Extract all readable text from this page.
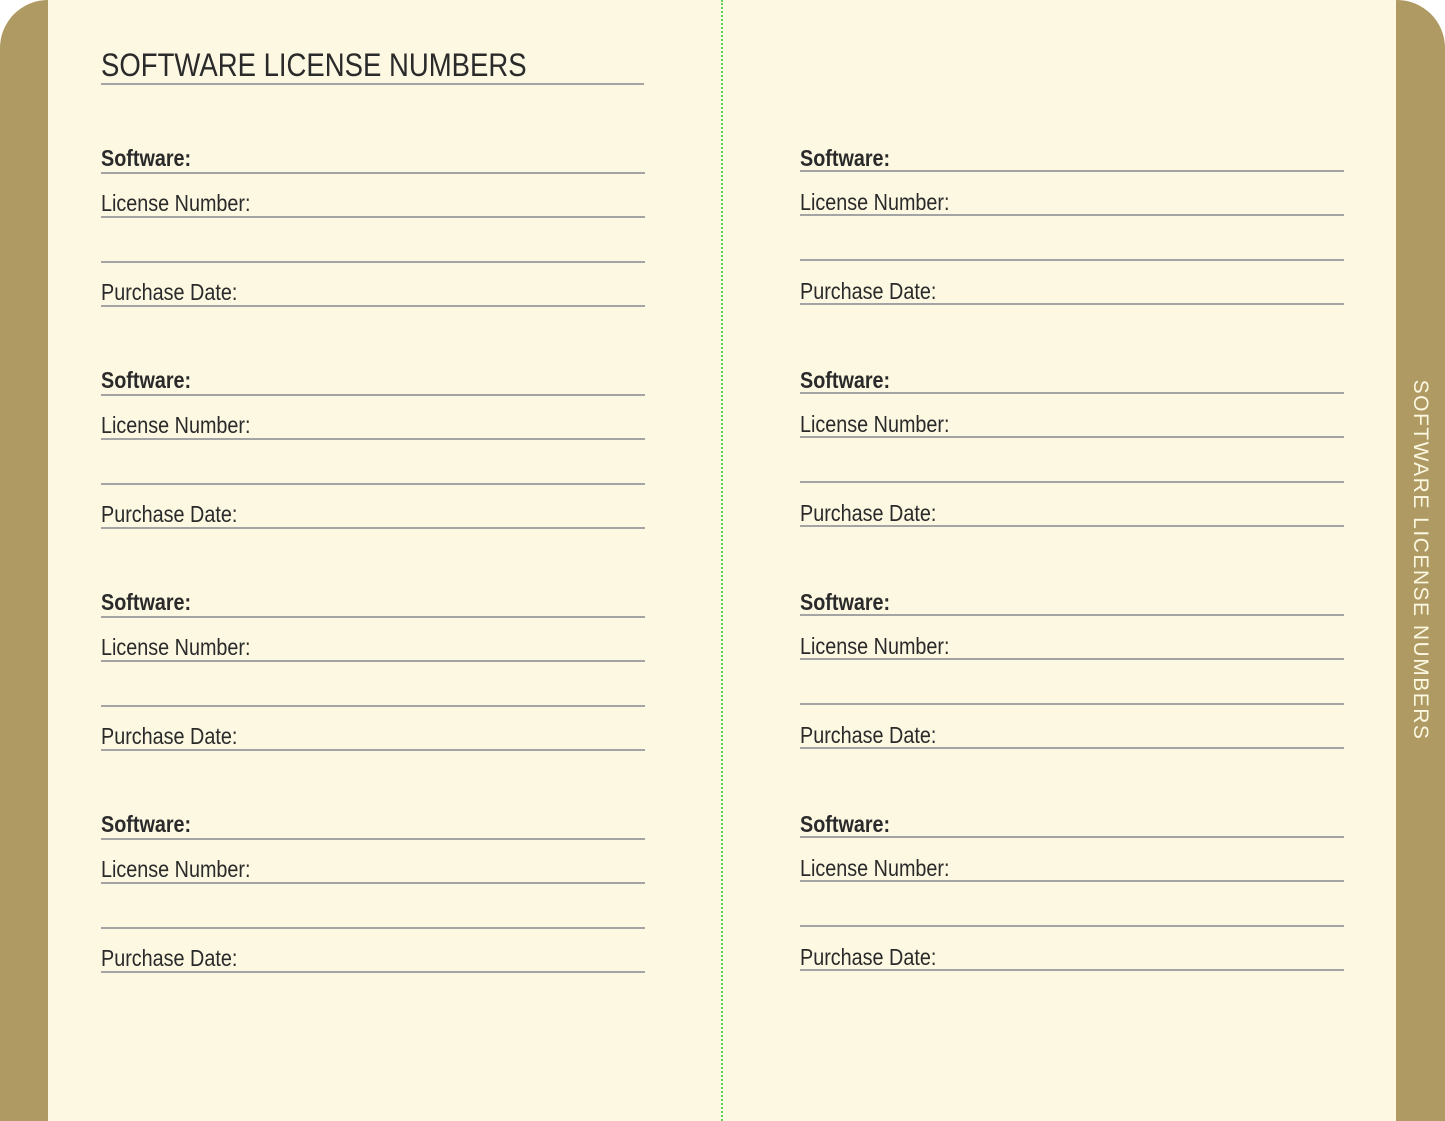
SOFTWARE LICENSE NUMBERS
Software:
License Number:
Purchase Date:
Software:
License Number:
Purchase Date:
Software:
License Number:
Purchase Date:
Software:
License Number:
Purchase Date:
Software:
License Number:
Purchase Date:
Software:
License Number:
Purchase Date:
Software:
License Number:
Purchase Date:
Software:
License Number:
Purchase Date:
SOFTWARE LICENSE NUMBERS
